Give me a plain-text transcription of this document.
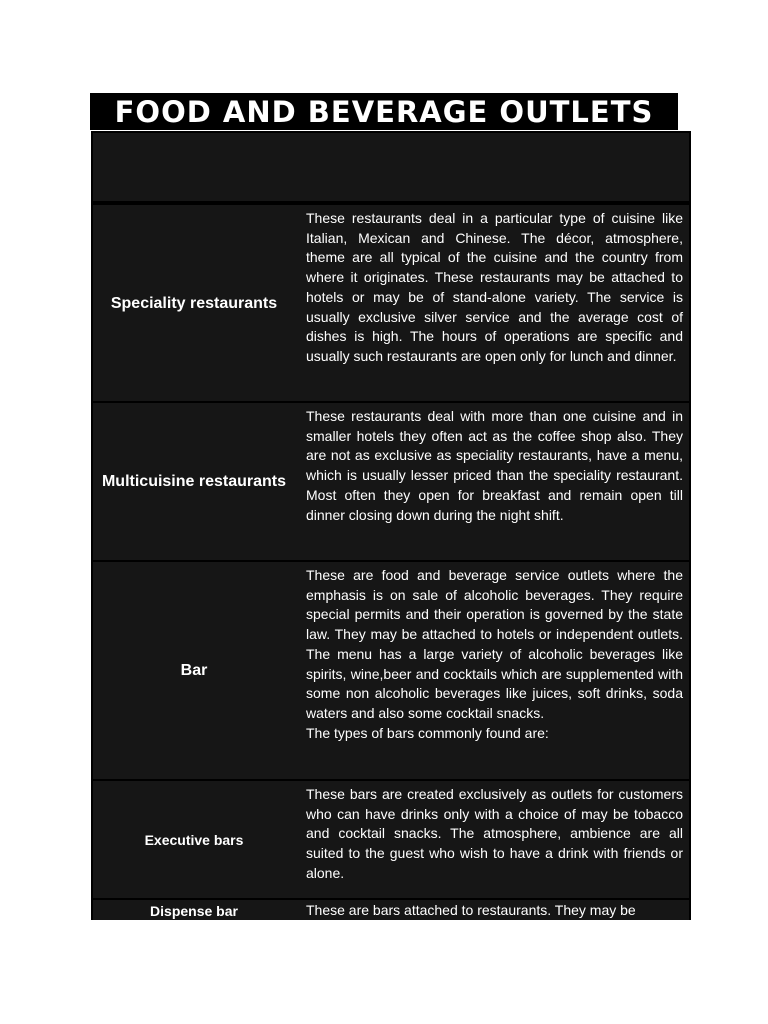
FOOD AND BEVERAGE OUTLETS
Speciality restaurants
These restaurants deal in a particular type of cuisine like Italian, Mexican and Chinese. The décor, atmosphere, theme are all typical of the cuisine and the country from where it originates. These restaurants may be attached to hotels or may be of stand-alone variety. The service is usually exclusive silver service and the average cost of dishes is high. The hours of operations are specific and usually such restaurants are open only for lunch and dinner.
Multicuisine restaurants
These restaurants deal with more than one cuisine and in smaller hotels they often act as the coffee shop also. They are not as exclusive as speciality restaurants, have a menu, which is usually lesser priced than the speciality restaurant. Most often they open for breakfast and remain open till dinner closing down during the night shift.
Bar
These are food and beverage service outlets where the emphasis is on sale of alcoholic beverages. They require special permits and their operation is governed by the state law. They may be attached to hotels or independent outlets. The menu has a large variety of alcoholic beverages like spirits, wine,beer and cocktails which are supplemented with some non alcoholic beverages like juices, soft drinks, soda waters and also some cocktail snacks.
The types of bars commonly found are:
Executive bars
These bars are created exclusively as outlets for customers who can have drinks only with a choice of may be tobacco and cocktail snacks. The atmosphere, ambience are all suited to the guest who wish to have a drink with friends or alone.
Dispense bar	These are bars attached to restaurants. They may be
